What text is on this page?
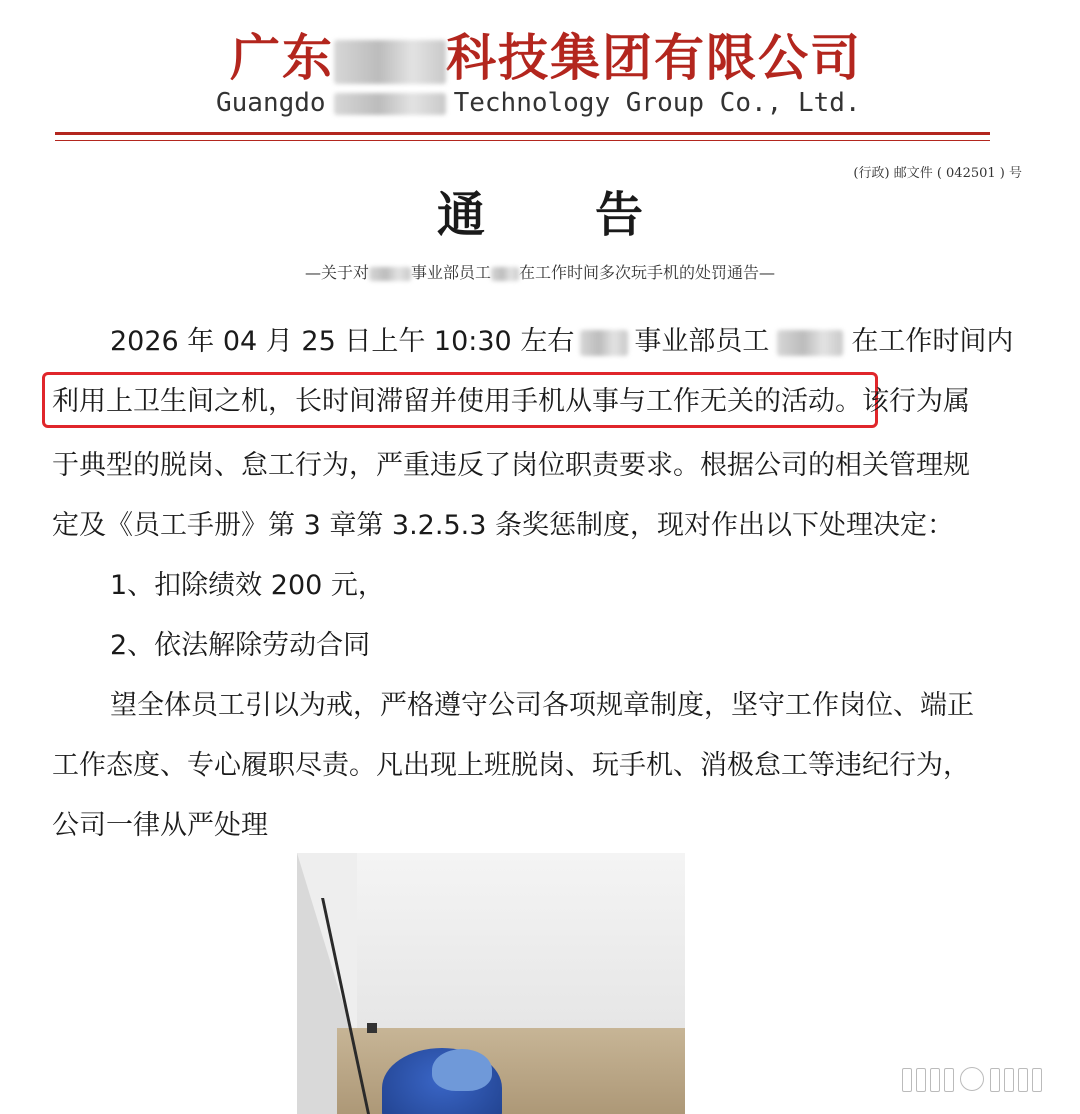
广东 科技集团有限公司
Guangdo	Technology Group Co., Ltd.
(行政) 邮文件 ( 042501 ) 号
通告
—关于对	事业部员工 在工作时间多次玩手机的处罚通告—
2026 年 04 月 25 日上午 10:30 左右 事业部员工	在工作时间内
利用上卫生间之机，长时间滞留并使用手机从事与工作无关的活动。该行为属
于典型的脱岗、怠工行为，严重违反了岗位职责要求。根据公司的相关管理规
定及《员工手册》第 3 章第 3.2.5.3 条奖惩制度，现对作出以下处理决定：
1、扣除绩效 200 元，
2、依法解除劳动合同
望全体员工引以为戒，严格遵守公司各项规章制度，坚守工作岗位、端正
工作态度、专心履职尽责。凡出现上班脱岗、玩手机、消极怠工等违纪行为，
公司一律从严处理
